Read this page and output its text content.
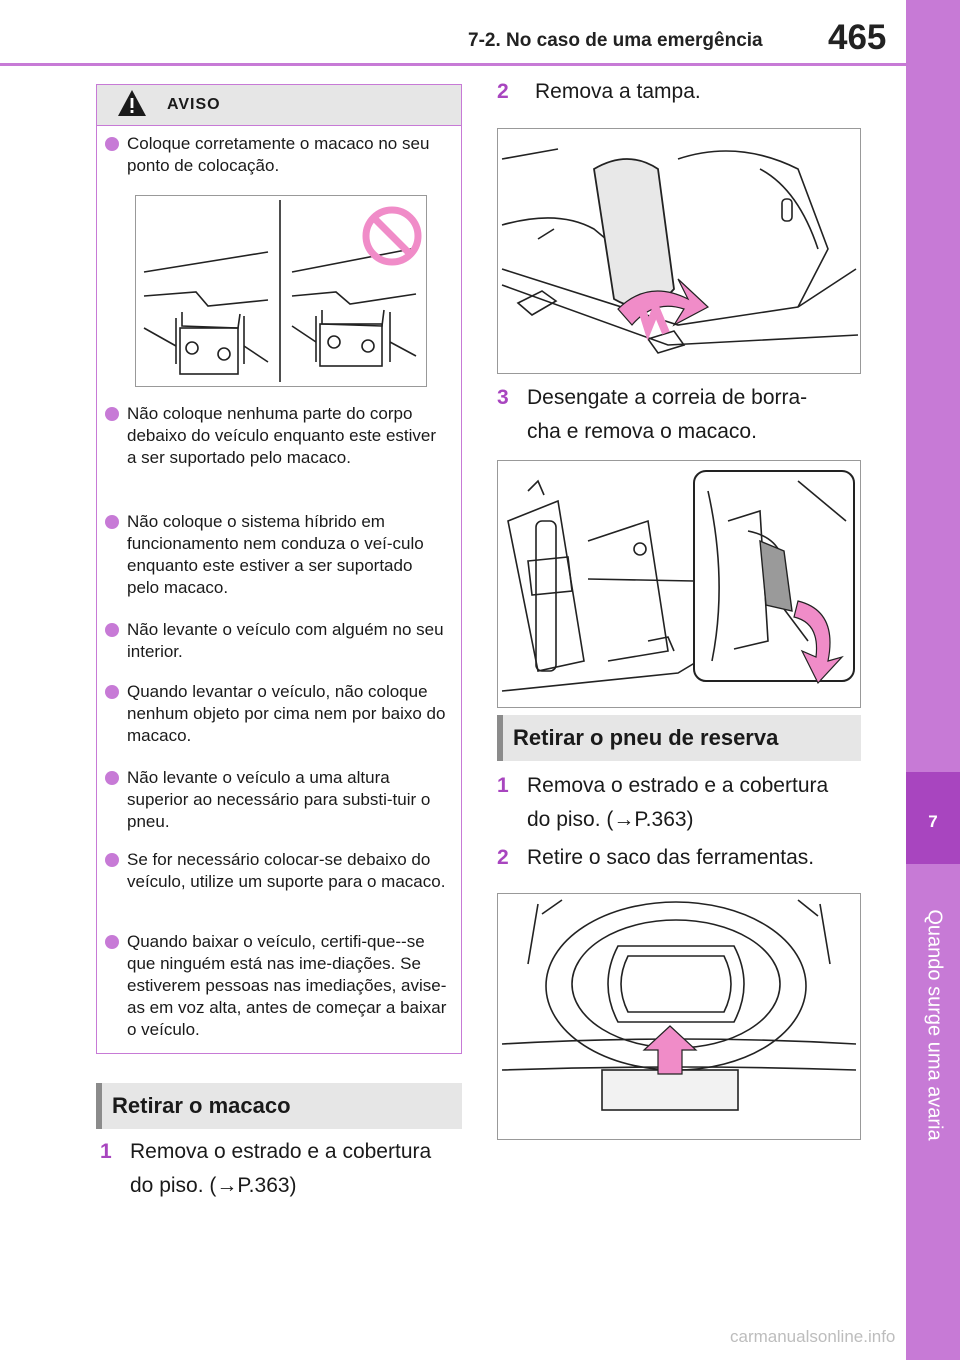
7-2. No caso de uma emergência 465
7
Quando surge uma avaria
AVISO
Coloque corretamente o macaco no seu ponto de colocação.
Não coloque nenhuma parte do corpo debaixo do veículo enquanto este estiver a ser suportado pelo macaco.
Não coloque o sistema híbrido em funcionamento nem conduza o veí-culo enquanto este estiver a ser suportado pelo macaco.
Não levante o veículo com alguém no seu interior.
Quando levantar o veículo, não coloque nenhum objeto por cima nem por baixo do macaco.
Não levante o veículo a uma altura superior ao necessário para substi-tuir o pneu.
Se for necessário colocar-se debaixo do veículo, utilize um suporte para o macaco.
Quando baixar o veículo, certifi-que--se que ninguém está nas ime-diações. Se estiverem pessoas nas imediações, avise-as em voz alta, antes de começar a baixar o veículo.
Retirar o macaco
1 Remova o estrado e a cobertura
do piso. (→P.363)
2 Remova a tampa.
3 Desengate a correia de borra-
cha e remova o macaco.
Retirar o pneu de reserva
1 Remova o estrado e a cobertura
do piso. (→P.363)
2 Retire o saco das ferramentas.
carmanualsonline.info
